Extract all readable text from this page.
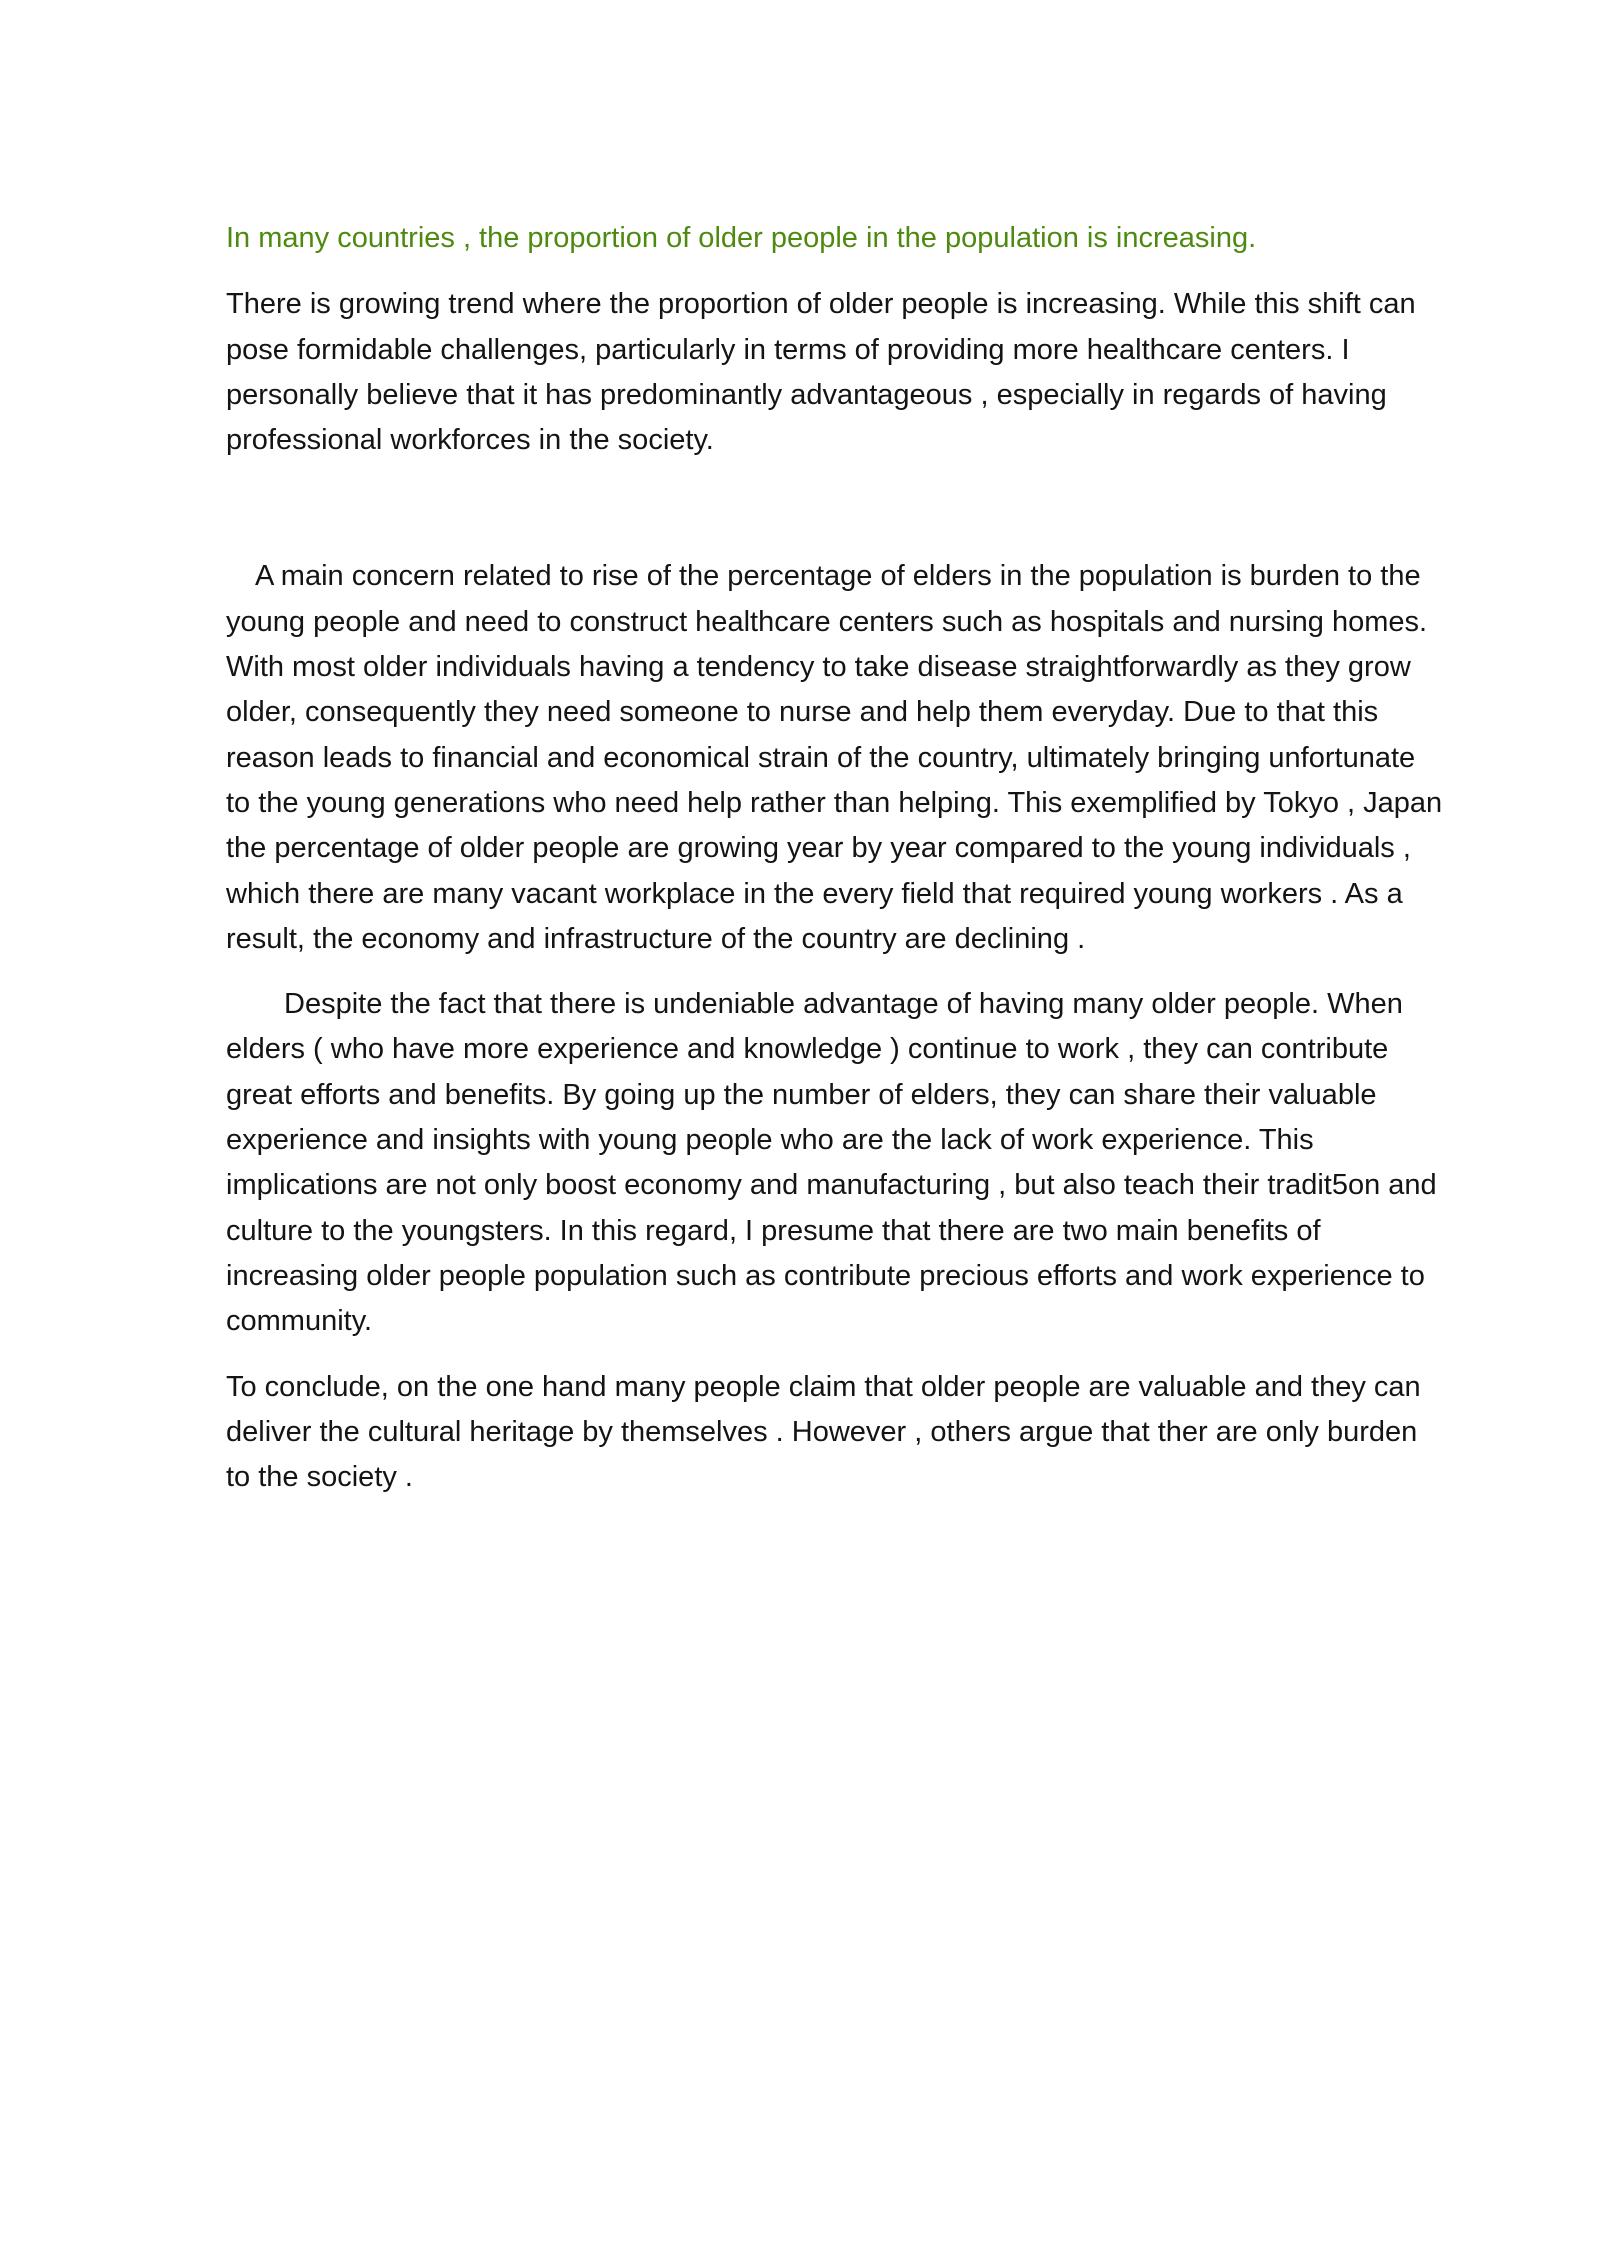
In many countries , the proportion of older people in the population is increasing.

There is growing trend where the proportion of older people is increasing. While this shift can
pose formidable challenges, particularly in terms of providing more healthcare centers. I
personally believe that it has predominantly advantageous , especially in regards of having
professional workforces in the society.
A main concern related to rise of the percentage of elders in the population is burden to the
young people and need to construct healthcare centers such as hospitals and nursing homes.
With most older individuals having a tendency to take disease straightforwardly as they grow
older, consequently they need someone to nurse and help them everyday. Due to that this
reason leads to financial and economical strain of the country, ultimately bringing unfortunate
to the young generations who need help rather than helping. This exemplified by Tokyo , Japan
the percentage of older people are growing year by year compared to the young individuals ,
which there are many vacant workplace in the every field that required young workers . As a
result, the economy and infrastructure of the country are declining .
Despite the fact that there is undeniable advantage of having many older people. When
elders ( who have more experience and knowledge ) continue to work , they can contribute
great efforts and benefits. By going up the number of elders, they can share their valuable
experience and insights with young people who are the lack of work experience. This
implications are not only boost economy and manufacturing , but also teach their tradit5on and
culture to the youngsters. In this regard, I presume that there are two main benefits of
increasing older people population such as contribute precious efforts and work experience to
community.
To conclude, on the one hand many people claim that older people are valuable and they can
deliver the cultural heritage by themselves . However , others argue that ther are only burden
to the society .
